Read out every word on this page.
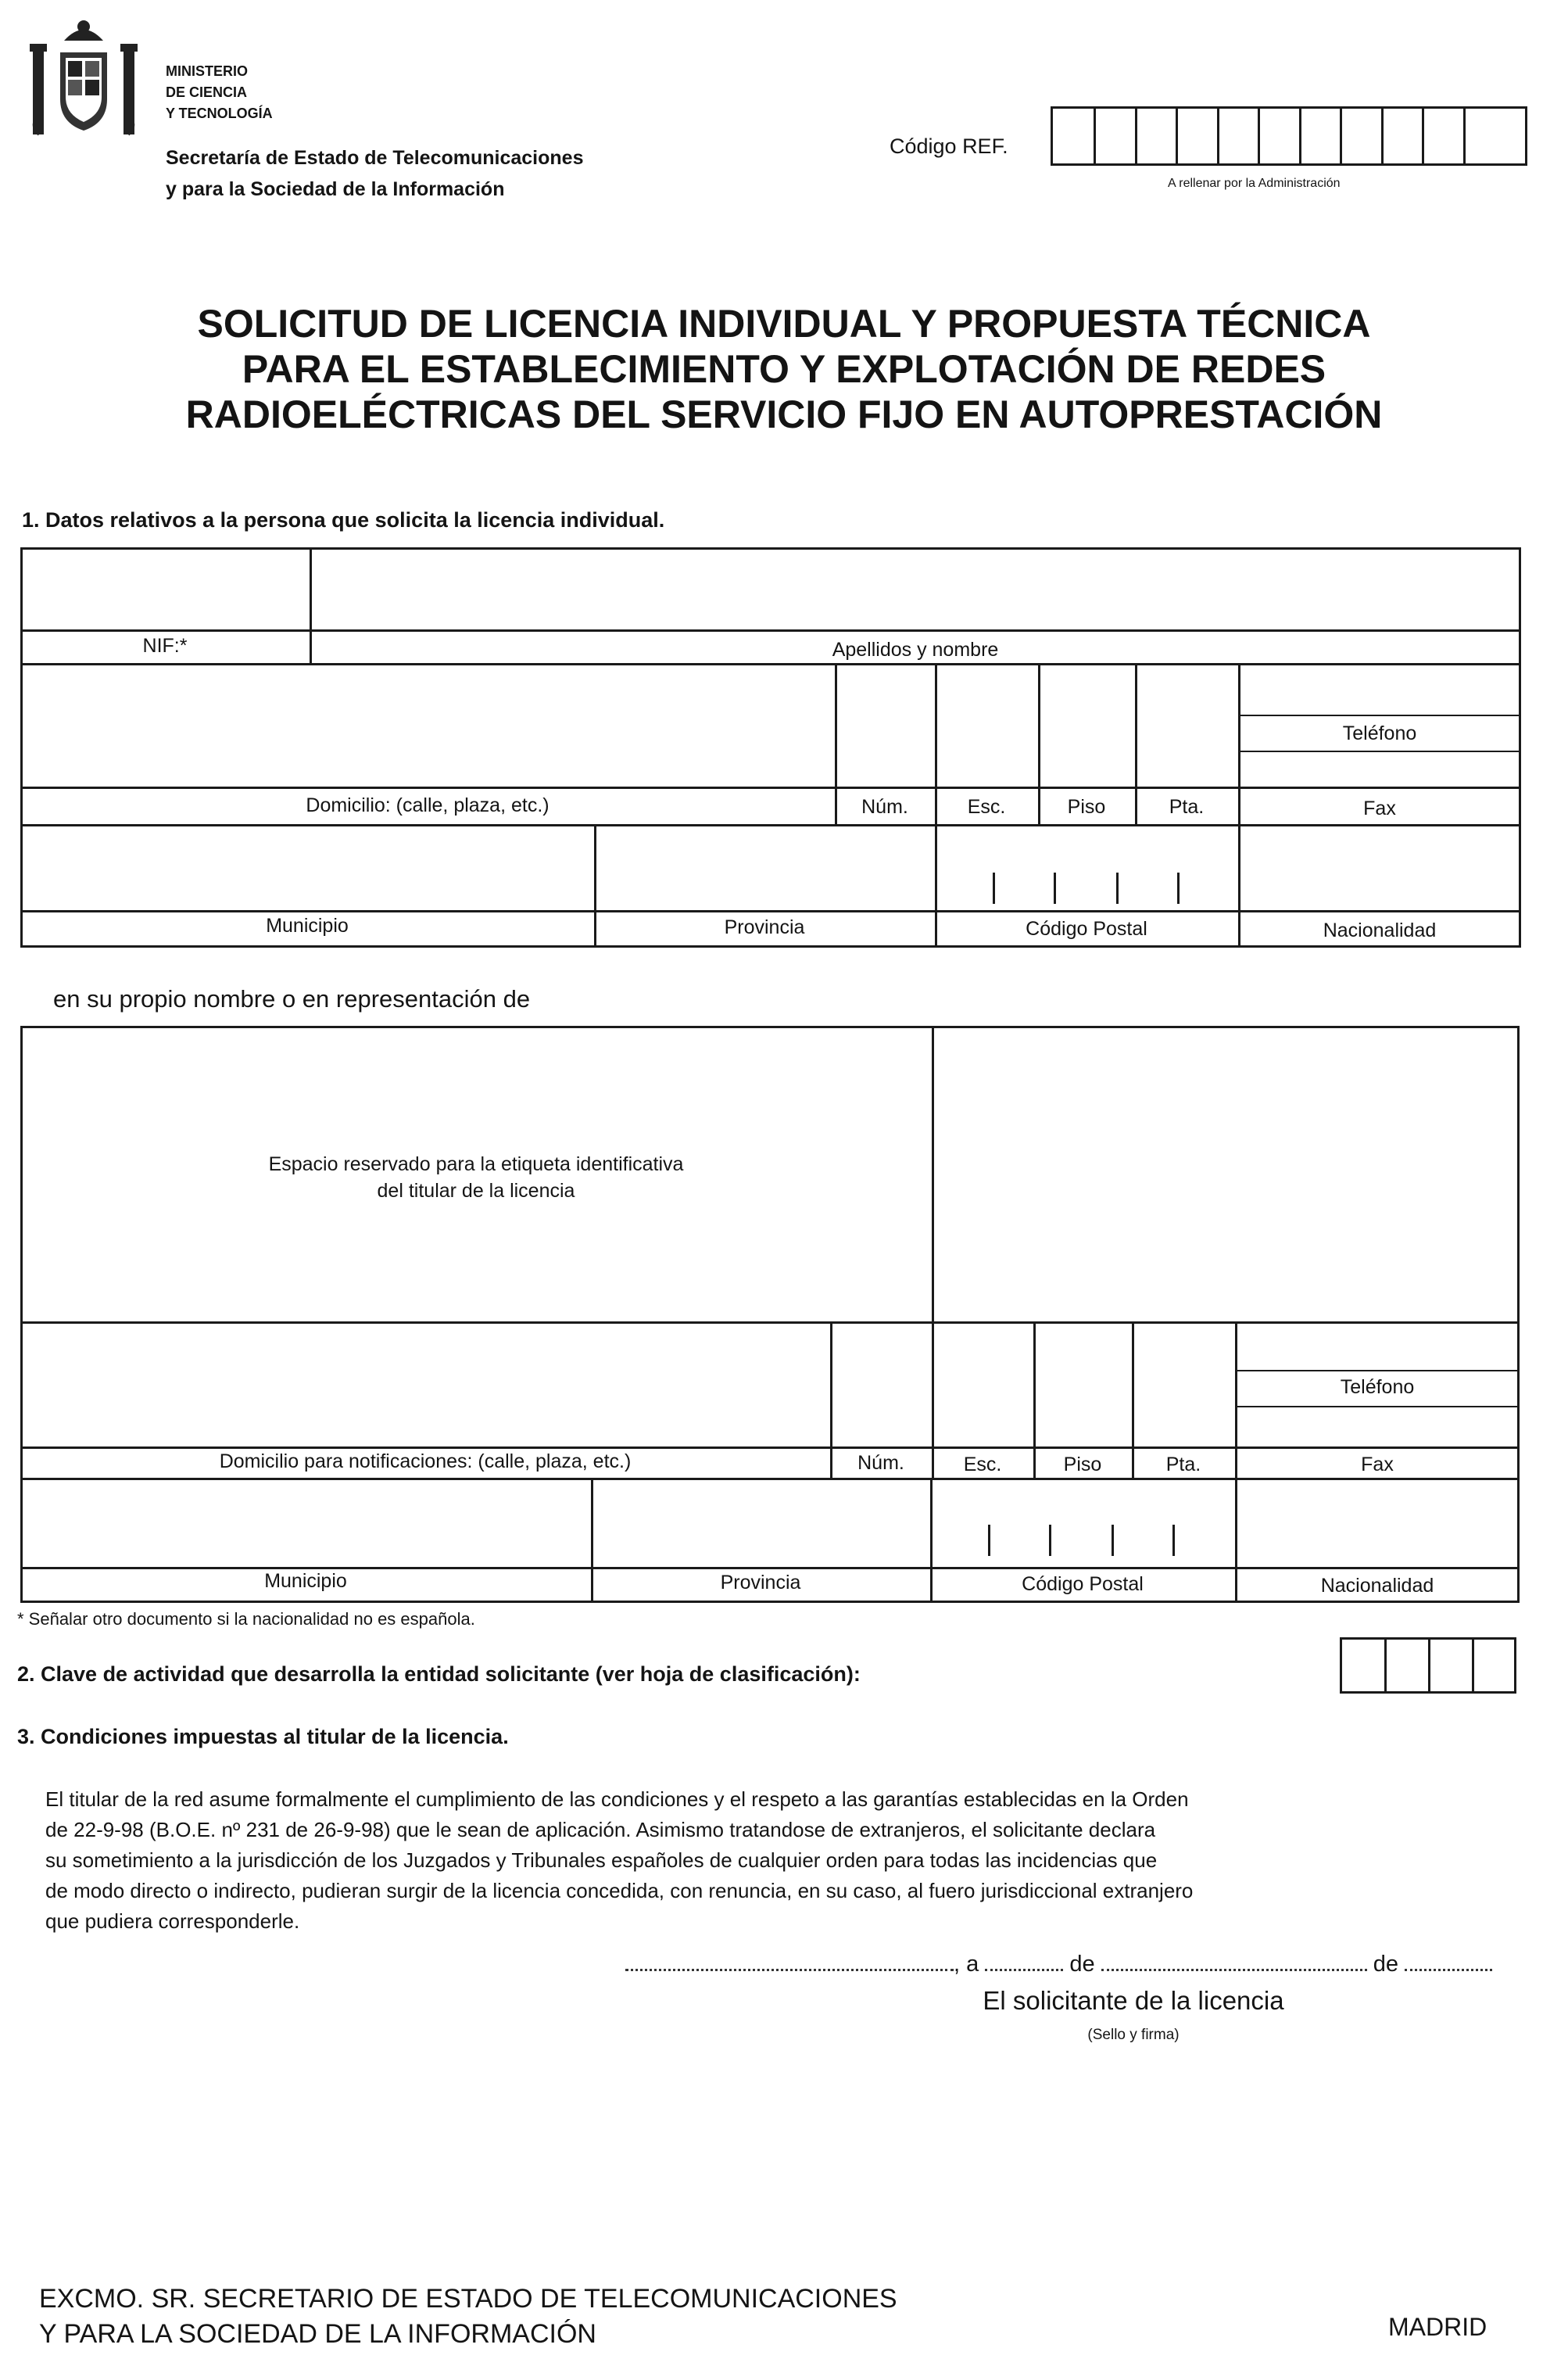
MINISTERIO
DE CIENCIA
Y TECNOLOGÍA
Secretaría de Estado de Telecomunicaciones
y para la Sociedad de la Información
Código REF.
A rellenar por la Administración
SOLICITUD DE LICENCIA INDIVIDUAL Y PROPUESTA TÉCNICA
PARA EL ESTABLECIMIENTO Y EXPLOTACIÓN DE REDES
RADIOELÉCTRICAS DEL SERVICIO FIJO EN AUTOPRESTACIÓN
1. Datos relativos a la persona que solicita la licencia individual.
NIF:*	Apellidos y nombre
Domicilio: (calle, plaza, etc.)	Núm.	Esc.	Piso	Pta.
Teléfono
Fax
Municipio	Provincia	Código Postal	Nacionalidad
en su propio nombre o en representación de
Espacio reservado para la etiqueta identificativa
del titular de la licencia
Domicilio para notificaciones: (calle, plaza, etc.)	Núm.	Esc.	Piso	Pta.
Teléfono
Fax
Municipio	Provincia	Código Postal	Nacionalidad
* Señalar otro documento si la nacionalidad no es española.
2. Clave de actividad que desarrolla la entidad solicitante (ver hoja de clasificación):
3. Condiciones impuestas al titular de la licencia.
El titular de la red asume formalmente el cumplimiento de las condiciones y el respeto a las garantías establecidas en la Orden
de 22-9-98 (B.O.E. nº 231 de 26-9-98) que le sean de aplicación. Asimismo tratandose de extranjeros, el solicitante declara
su sometimiento a la jurisdicción de los Juzgados y Tribunales españoles de cualquier orden para todas las incidencias que
de modo directo o indirecto, pudieran surgir de la licencia concedida, con renuncia, en su caso, al fuero jurisdiccional extranjero
que pudiera corresponderle.
, a	de	de
El solicitante de la licencia
(Sello y firma)
EXCMO. SR. SECRETARIO DE ESTADO DE TELECOMUNICACIONES
Y PARA LA SOCIEDAD DE LA INFORMACIÓN	MADRID
